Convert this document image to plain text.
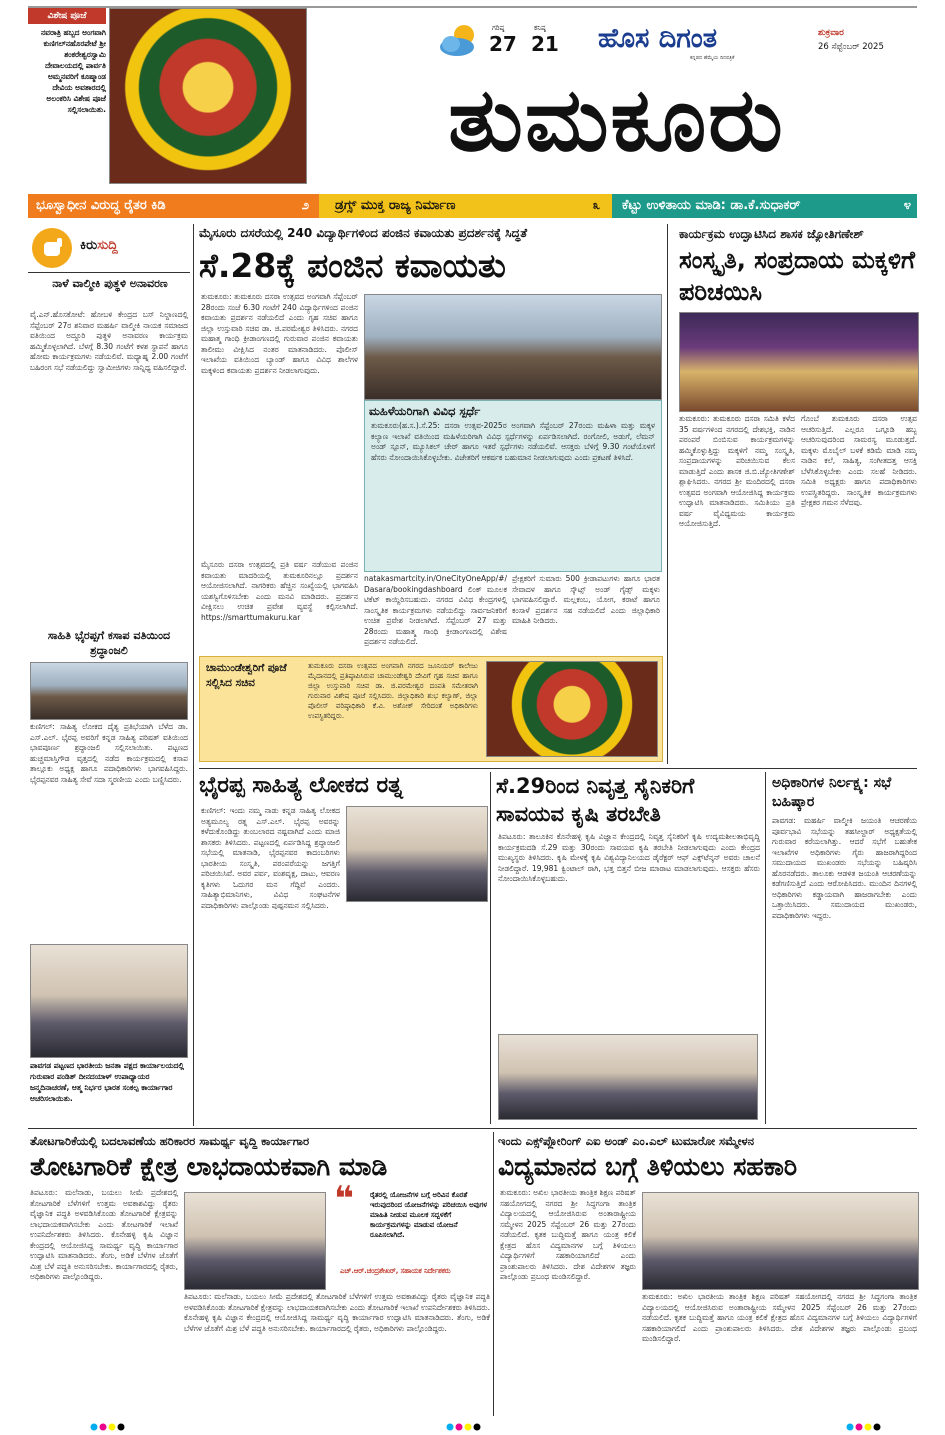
ವಿಶೇಷ ಪೂಜೆ
ನವರಾತ್ರಿ ಹಬ್ಬದ ಅಂಗವಾಗಿ ಕುಣಿಗಲ್‌ನಹೊರಪೇಟೆ ಶ್ರೀ ಶಂಕರೇಶ್ವರಸ್ವಾಮಿ ದೇವಾಲಯದಲ್ಲಿ ಪಾರ್ವತಿ ಅಮ್ಮನವರಿಗೆ ಕೂಷ್ಮಾಂಡ ದೇವಿಯ ಅವತಾರದಲ್ಲಿ ಅಲಂಕರಿಸಿ ವಿಶೇಷ ಪೂಜೆ ಸಲ್ಲಿಸಲಾಯಿತು.
ಗರಿಷ್ಠ
27
ಕನಿಷ್ಠ
21 ಹೊಸ ದಿಗಂತ
ಕನ್ನಡದ ಹೆಮ್ಮೆಯ ದಿನಪತ್ರಿಕೆ
ಶುಕ್ರವಾರ
26 ಸೆಪ್ಟೆಂಬರ್ 2025
ತುಮಕೂರು
ಭೂಸ್ವಾಧೀನ ವಿರುದ್ಧ ರೈತರ ಕಿಡಿ	೨ ಡ್ರಗ್ಸ್ ಮುಕ್ತ ರಾಜ್ಯ ನಿರ್ಮಾಣ	೩ ಕೆಟ್ಟು ಉಳಿತಾಯ ಮಾಡಿ: ಡಾ.ಕೆ.ಸುಧಾಕರ್	೪
ಕಿರುಸುದ್ದಿ
ನಾಳೆ ವಾಲ್ಮೀಕಿ ಪುತ್ಥಳಿ ಅನಾವರಣ
ವೈ.ಎನ್.ಹೊಸಕೋಟೆ: ಹೋಬಳಿ ಕೇಂದ್ರದ ಬಸ್ ನಿಲ್ದಾಣದಲ್ಲಿ ಸೆಪ್ಟೆಂಬರ್ 27ರ ಶನಿವಾರ ಮಹರ್ಷಿ ವಾಲ್ಮೀಕಿ ನಾಯಕ ಸಮಾಜದ ವತಿಯಿಂದ ಅದ್ದೂರಿ ಪುತ್ಥಳಿ ಅನಾವರಣ ಕಾರ್ಯಕ್ರಮ ಹಮ್ಮಿಕೊಳ್ಳಲಾಗಿದೆ. ಬೆಳಗ್ಗೆ 8.30 ಗಂಟೆಗೆ ಕಳಶ ಸ್ಥಾಪನೆ ಹಾಗೂ ಹೋಮ ಕಾರ್ಯಕ್ರಮಗಳು ನಡೆಯಲಿವೆ. ಮಧ್ಯಾಹ್ನ 2.00 ಗಂಟೆಗೆ ಬಹಿರಂಗ ಸಭೆ ನಡೆಯಲಿದ್ದು ಸ್ವಾಮೀಜಿಗಳು ಸಾನ್ನಿಧ್ಯ ವಹಿಸಲಿದ್ದಾರೆ.
ಸಾಹಿತಿ ಭೈರಪ್ಪಗೆ ಕಸಾಪ ವತಿಯಿಂದ ಶ್ರದ್ಧಾಂಜಲಿ
ಕುಣಿಗಲ್: ಸಾಹಿತ್ಯ ಲೋಕದ ದೈತ್ಯ ಪ್ರತಿಭೆಯಾಗಿ ಬೆಳೆದ ಡಾ. ಎಸ್.ಎಲ್. ಭೈರಪ್ಪ ಅವರಿಗೆ ಕನ್ನಡ ಸಾಹಿತ್ಯ ಪರಿಷತ್ ವತಿಯಿಂದ ಭಾವಪೂರ್ಣ ಶ್ರದ್ಧಾಂಜಲಿ ಸಲ್ಲಿಸಲಾಯಿತು. ಪಟ್ಟಣದ ಹುಚ್ಚಮಾಸ್ತಿಗೌಡ ವೃತ್ತದಲ್ಲಿ ನಡೆದ ಕಾರ್ಯಕ್ರಮದಲ್ಲಿ ಕಸಾಪ ತಾಲ್ಲೂಕು ಅಧ್ಯಕ್ಷ ಹಾಗೂ ಪದಾಧಿಕಾರಿಗಳು ಭಾಗವಹಿಸಿದ್ದರು. ಭೈರಪ್ಪನವರ ಸಾಹಿತ್ಯ ಸೇವೆ ಸದಾ ಸ್ಮರಣೀಯ ಎಂದು ಬಣ್ಣಿಸಿದರು.
ಪಾವಗಡ ಪಟ್ಟಣದ ಭಾರತೀಯ ಜನತಾ ಪಕ್ಷದ ಕಾರ್ಯಾಲಯದಲ್ಲಿ ಗುರುವಾರ ಪಂಡಿತ್ ದೀನದಯಾಳ್ ಉಪಾಧ್ಯಾಯರ ಜನ್ಮದಿನಾಚರಣೆ, ಆತ್ಮ ನಿರ್ಭರ ಭಾರತ ಸಂಕಲ್ಪ ಕಾರ್ಯಾಗಾರ ಆಚರಿಸಲಾಯಿತು.
ಮೈಸೂರು ದಸರೆಯಲ್ಲಿ 240 ವಿದ್ಯಾರ್ಥಿಗಳಿಂದ ಪಂಜಿನ ಕವಾಯತು ಪ್ರದರ್ಶನಕ್ಕೆ ಸಿದ್ಧತೆ
ಸೆ.28ಕ್ಕೆ ಪಂಜಿನ ಕವಾಯತು
ತುಮಕೂರು: ತುಮಕೂರು ದಸರಾ ಉತ್ಸವದ ಅಂಗವಾಗಿ ಸೆಪ್ಟೆಂಬರ್ 28ರಂದು ಸಂಜೆ 6.30 ಗಂಟೆಗೆ 240 ವಿದ್ಯಾರ್ಥಿಗಳಿಂದ ಪಂಜಿನ ಕವಾಯತು ಪ್ರದರ್ಶನ ನಡೆಯಲಿದೆ ಎಂದು ಗೃಹ ಸಚಿವ ಹಾಗೂ ಜಿಲ್ಲಾ ಉಸ್ತುವಾರಿ ಸಚಿವ ಡಾ. ಜಿ.ಪರಮೇಶ್ವರ ತಿಳಿಸಿದರು. ನಗರದ ಮಹಾತ್ಮ ಗಾಂಧಿ ಕ್ರೀಡಾಂಗಣದಲ್ಲಿ ಗುರುವಾರ ಪಂಜಿನ ಕವಾಯತು ತಾಲೀಮು ವೀಕ್ಷಿಸಿದ ನಂತರ ಮಾತನಾಡಿದರು. ಪೊಲೀಸ್ ಇಲಾಖೆಯ ವತಿಯಿಂದ ಬ್ಯಾಂಡ್ ಹಾಗೂ ವಿವಿಧ ಶಾಲೆಗಳ ಮಕ್ಕಳಿಂದ ಕವಾಯತು ಪ್ರದರ್ಶನ ನೀಡಲಾಗುವುದು.
ಮಹಿಳೆಯರಿಗಾಗಿ ವಿವಿಧ ಸ್ಪರ್ಧೆ
ತುಮಕೂರು(ಹ.ಸ.).ಸೆ.25: ದಸರಾ ಉತ್ಸವ-2025ರ ಅಂಗವಾಗಿ ಸೆಪ್ಟೆಂಬರ್ 27ರಂದು ಮಹಿಳಾ ಮತ್ತು ಮಕ್ಕಳ ಕಲ್ಯಾಣ ಇಲಾಖೆ ವತಿಯಿಂದ ಮಹಿಳೆಯರಿಗಾಗಿ ವಿವಿಧ ಸ್ಪರ್ಧೆಗಳನ್ನು ಏರ್ಪಡಿಸಲಾಗಿದೆ. ರಂಗೋಲಿ, ಅಡುಗೆ, ಲೆಮನ್ ಅಂಡ್ ಸ್ಪೂನ್, ಮ್ಯೂಸಿಕಲ್ ಚೇರ್ ಹಾಗೂ ಇತರೆ ಸ್ಪರ್ಧೆಗಳು ನಡೆಯಲಿವೆ. ಆಸಕ್ತರು ಬೆಳಿಗ್ಗೆ 9.30 ಗಂಟೆಯೊಳಗೆ ಹೆಸರು ನೋಂದಾಯಿಸಿಕೊಳ್ಳಬೇಕು. ವಿಜೇತರಿಗೆ ಆಕರ್ಷಕ ಬಹುಮಾನ ನೀಡಲಾಗುವುದು ಎಂದು ಪ್ರಕಟಣೆ ತಿಳಿಸಿದೆ.
ಮೈಸೂರು ದಸರಾ ಉತ್ಸವದಲ್ಲಿ ಪ್ರತಿ ವರ್ಷ ನಡೆಯುವ ಪಂಜಿನ ಕವಾಯತು ಮಾದರಿಯಲ್ಲಿ ತುಮಕೂರಿನಲ್ಲೂ ಪ್ರದರ್ಶನ ಆಯೋಜಿಸಲಾಗಿದೆ. ನಾಗರಿಕರು ಹೆಚ್ಚಿನ ಸಂಖ್ಯೆಯಲ್ಲಿ ಭಾಗವಹಿಸಿ ಯಶಸ್ವಿಗೊಳಿಸಬೇಕು ಎಂದು ಮನವಿ ಮಾಡಿದರು. ಪ್ರದರ್ಶನ ವೀಕ್ಷಿಸಲು ಉಚಿತ ಪ್ರವೇಶ ವ್ಯವಸ್ಥೆ ಕಲ್ಪಿಸಲಾಗಿದೆ. https://smarttumakuru.kar
natakasmartcity.in/OneCityOneApp/#/ Dasara/bookingdashboard ಲಿಂಕ್ ಮೂಲಕ ಟಿಕೆಟ್ ಕಾಯ್ದಿರಿಸಬಹುದು. ನಗರದ ವಿವಿಧ ಕೇಂದ್ರಗಳಲ್ಲಿ ಸಾಂಸ್ಕೃತಿಕ ಕಾರ್ಯಕ್ರಮಗಳು ನಡೆಯಲಿದ್ದು ಸಾರ್ವಜನಿಕರಿಗೆ ಉಚಿತ ಪ್ರವೇಶ ನೀಡಲಾಗಿದೆ. ಸೆಪ್ಟೆಂಬರ್ 27 ಮತ್ತು 28ರಂದು ಮಹಾತ್ಮ ಗಾಂಧಿ ಕ್ರೀಡಾಂಗಣದಲ್ಲಿ ವಿಶೇಷ ಪ್ರದರ್ಶನ ನಡೆಯಲಿದೆ.
ಪ್ರೇಕ್ಷಕರಿಗೆ ಸುಮಾರು 500 ಕ್ರೀಡಾಪಟುಗಳು ಹಾಗೂ ಭಾರತ ಸೇವಾದಳ ಹಾಗೂ ಸ್ಕೌಟ್ಸ್ ಅಂಡ್ ಗೈಡ್ಸ್ ಮಕ್ಕಳು ಭಾಗವಹಿಸಲಿದ್ದಾರೆ. ಮಲ್ಲಕಂಬ, ಯೋಗ, ಕರಾಟೆ ಹಾಗೂ ಕಂಸಾಳೆ ಪ್ರದರ್ಶನ ಸಹ ನಡೆಯಲಿದೆ ಎಂದು ಜಿಲ್ಲಾಧಿಕಾರಿ ಮಾಹಿತಿ ನೀಡಿದರು.
ಚಾಮುಂಡೇಶ್ವರಿಗೆ ಪೂಜೆ ಸಲ್ಲಿಸಿದ ಸಚಿವ
ತುಮಕೂರು ದಸರಾ ಉತ್ಸವದ ಅಂಗವಾಗಿ ನಗರದ ಜೂನಿಯರ್ ಕಾಲೇಜು ಮೈದಾನದಲ್ಲಿ ಪ್ರತಿಷ್ಠಾಪಿಸಿರುವ ಚಾಮುಂಡೇಶ್ವರಿ ದೇವಿಗೆ ಗೃಹ ಸಚಿವ ಹಾಗೂ ಜಿಲ್ಲಾ ಉಸ್ತುವಾರಿ ಸಚಿವ ಡಾ. ಜಿ.ಪರಮೇಶ್ವರ ದಂಪತಿ ಸಮೇತರಾಗಿ ಗುರುವಾರ ವಿಶೇಷ ಪೂಜೆ ಸಲ್ಲಿಸಿದರು. ಜಿಲ್ಲಾಧಿಕಾರಿ ಶುಭ ಕಲ್ಯಾಣ್, ಜಿಲ್ಲಾ ಪೊಲೀಸ್ ವರಿಷ್ಠಾಧಿಕಾರಿ ಕೆ.ವಿ. ಅಶೋಕ್ ಸೇರಿದಂತೆ ಅಧಿಕಾರಿಗಳು ಉಪಸ್ಥಿತರಿದ್ದರು.
ಕಾರ್ಯಕ್ರಮ ಉದ್ಘಾಟಿಸಿದ ಶಾಸಕ ಜ್ಯೋತಿಗಣೇಶ್
ಸಂಸ್ಕೃತಿ, ಸಂಪ್ರದಾಯ ಮಕ್ಕಳಿಗೆ ಪರಿಚಯಿಸಿ
ತುಮಕೂರು: ತುಮಕೂರು ದಸರಾ ಸಮಿತಿ ಕಳೆದ 35 ವರ್ಷಗಳಿಂದ ನಗರದಲ್ಲಿ ದೇಶಭಕ್ತಿ, ನಾಡಿನ ಪರಂಪರೆ ಬಿಂಬಿಸುವ ಕಾರ್ಯಕ್ರಮಗಳನ್ನು ಹಮ್ಮಿಕೊಳ್ಳುತ್ತಿದ್ದು ಮಕ್ಕಳಿಗೆ ನಮ್ಮ ಸಂಸ್ಕೃತಿ, ಸಂಪ್ರದಾಯಗಳನ್ನು ಪರಿಚಯಿಸುವ ಕೆಲಸ ಮಾಡುತ್ತಿದೆ ಎಂದು ಶಾಸಕ ಜಿ.ಬಿ.ಜ್ಯೋತಿಗಣೇಶ್ ಶ್ಲಾಘಿಸಿದರು. ನಗರದ ಶ್ರೀ ಮಂದಿರದಲ್ಲಿ ದಸರಾ ಉತ್ಸವದ ಅಂಗವಾಗಿ ಆಯೋಜಿಸಿದ್ದ ಕಾರ್ಯಕ್ರಮ ಉದ್ಘಾಟಿಸಿ ಮಾತನಾಡಿದರು. ಸಮಿತಿಯು ಪ್ರತಿ ವರ್ಷ ವೈವಿಧ್ಯಮಯ ಕಾರ್ಯಕ್ರಮ ಆಯೋಜಿಸುತ್ತಿದೆ.
ಗೊಂಬೆ ತುಮಕೂರು ದಸರಾ ಉತ್ಸವ ಆಚರಿಸುತ್ತಿದೆ. ಎಲ್ಲರೂ ಒಗ್ಗೂಡಿ ಹಬ್ಬ ಆಚರಿಸುವುದರಿಂದ ಸಾಮರಸ್ಯ ಮೂಡುತ್ತದೆ. ಮಕ್ಕಳು ಮೊಬೈಲ್ ಬಳಕೆ ಕಡಿಮೆ ಮಾಡಿ ನಮ್ಮ ನಾಡಿನ ಕಲೆ, ಸಾಹಿತ್ಯ, ಸಂಗೀತದತ್ತ ಆಸಕ್ತಿ ಬೆಳೆಸಿಕೊಳ್ಳಬೇಕು ಎಂದು ಸಲಹೆ ನೀಡಿದರು. ಸಮಿತಿ ಅಧ್ಯಕ್ಷರು ಹಾಗೂ ಪದಾಧಿಕಾರಿಗಳು ಉಪಸ್ಥಿತರಿದ್ದರು. ಸಾಂಸ್ಕೃತಿಕ ಕಾರ್ಯಕ್ರಮಗಳು ಪ್ರೇಕ್ಷಕರ ಗಮನ ಸೆಳೆದವು.
ಭೈರಪ್ಪ ಸಾಹಿತ್ಯ ಲೋಕದ ರತ್ನ
ಕುಣಿಗಲ್: ಇಂದು ನಮ್ಮ ನಾಡು ಕನ್ನಡ ಸಾಹಿತ್ಯ ಲೋಕದ ಅತ್ಯಮೂಲ್ಯ ರತ್ನ ಎಸ್.ಎಲ್. ಭೈರಪ್ಪ ಅವರನ್ನು ಕಳೆದುಕೊಂಡಿದ್ದು ತುಂಬಲಾರದ ನಷ್ಟವಾಗಿದೆ ಎಂದು ಮಾಜಿ ಶಾಸಕರು ತಿಳಿಸಿದರು. ಪಟ್ಟಣದಲ್ಲಿ ಏರ್ಪಡಿಸಿದ್ದ ಶ್ರದ್ಧಾಂಜಲಿ ಸಭೆಯಲ್ಲಿ ಮಾತನಾಡಿ, ಭೈರಪ್ಪನವರ ಕಾದಂಬರಿಗಳು ಭಾರತೀಯ ಸಂಸ್ಕೃತಿ, ಪರಂಪರೆಯನ್ನು ಜಗತ್ತಿಗೆ ಪರಿಚಯಿಸಿವೆ. ಅವರ ಪರ್ವ, ವಂಶವೃಕ್ಷ, ದಾಟು, ಆವರಣ ಕೃತಿಗಳು ಓದುಗರ ಮನ ಗೆದ್ದಿವೆ ಎಂದರು. ಸಾಹಿತ್ಯಾಭಿಮಾನಿಗಳು, ವಿವಿಧ ಸಂಘಟನೆಗಳ ಪದಾಧಿಕಾರಿಗಳು ಪಾಲ್ಗೊಂಡು ಪುಷ್ಪನಮನ ಸಲ್ಲಿಸಿದರು.
ಸೆ.29ರಿಂದ ನಿವೃತ್ತ ಸೈನಿಕರಿಗೆ ಸಾವಯವ ಕೃಷಿ ತರಬೇತಿ
ತಿಪಟೂರು: ತಾಲೂಕಿನ ಕೊನೇಹಳ್ಳಿ ಕೃಷಿ ವಿಜ್ಞಾನ ಕೇಂದ್ರದಲ್ಲಿ ನಿವೃತ್ತ ಸೈನಿಕರಿಗೆ ಕೃಷಿ ಉದ್ಯಮಶೀಲತಾಭಿವೃದ್ಧಿ ಕಾರ್ಯಕ್ರಮದಡಿ ಸೆ.29 ಮತ್ತು 30ರಂದು ಸಾವಯವ ಕೃಷಿ ತರಬೇತಿ ನೀಡಲಾಗುವುದು ಎಂದು ಕೇಂದ್ರದ ಮುಖ್ಯಸ್ಥರು ತಿಳಿಸಿದರು. ಕೃಷಿ ಮೇಳಕ್ಕೆ ಕೃಷಿ ವಿಶ್ವವಿದ್ಯಾನಿಲಯದ ಡೈರೆಕ್ಟರ್ ಆಫ್ ಎಕ್ಸ್‌ಟೆನ್ಶನ್ ಅವರು ಚಾಲನೆ ನೀಡಲಿದ್ದಾರೆ. 19,981 ಕ್ವಿಂಟಾಲ್ ರಾಗಿ, ಭತ್ತ ಬಿತ್ತನೆ ಬೀಜ ಮಾರಾಟ ಮಾಡಲಾಗುವುದು. ಆಸಕ್ತರು ಹೆಸರು ನೋಂದಾಯಿಸಿಕೊಳ್ಳಬಹುದು.
ಅಧಿಕಾರಿಗಳ ನಿರ್ಲಕ್ಷ್ಯ: ಸಭೆ ಬಹಿಷ್ಕಾರ
ಪಾವಗಡ: ಮಹರ್ಷಿ ವಾಲ್ಮೀಕಿ ಜಯಂತಿ ಆಚರಣೆಯ ಪೂರ್ವಭಾವಿ ಸಭೆಯನ್ನು ತಹಸೀಲ್ದಾರ್ ಅಧ್ಯಕ್ಷತೆಯಲ್ಲಿ ಗುರುವಾರ ಕರೆಯಲಾಗಿತ್ತು. ಆದರೆ ಸಭೆಗೆ ಬಹುತೇಕ ಇಲಾಖೆಗಳ ಅಧಿಕಾರಿಗಳು ಗೈರು ಹಾಜರಾಗಿದ್ದರಿಂದ ಸಮುದಾಯದ ಮುಖಂಡರು ಸಭೆಯನ್ನು ಬಹಿಷ್ಕರಿಸಿ ಹೊರನಡೆದರು. ತಾಲೂಕು ಆಡಳಿತ ಜಯಂತಿ ಆಚರಣೆಯನ್ನು ಕಡೆಗಣಿಸುತ್ತಿದೆ ಎಂದು ಆರೋಪಿಸಿದರು. ಮುಂದಿನ ದಿನಗಳಲ್ಲಿ ಅಧಿಕಾರಿಗಳು ಕಡ್ಡಾಯವಾಗಿ ಹಾಜರಾಗಬೇಕು ಎಂದು ಒತ್ತಾಯಿಸಿದರು. ಸಮುದಾಯದ ಮುಖಂಡರು, ಪದಾಧಿಕಾರಿಗಳು ಇದ್ದರು.
ತೋಟಗಾರಿಕೆಯಲ್ಲಿ ಬದಲಾವಣೆಯ ಹರಿಕಾರರ ಸಾಮರ್ಥ್ಯ ವೃದ್ಧಿ ಕಾರ್ಯಾಗಾರ
ತೋಟಗಾರಿಕೆ ಕ್ಷೇತ್ರ ಲಾಭದಾಯಕವಾಗಿ ಮಾಡಿ
ತಿಪಟೂರು: ಮಲೆನಾಡು, ಬಯಲು ಸೀಮೆ ಪ್ರದೇಶದಲ್ಲಿ ತೋಟಗಾರಿಕೆ ಬೆಳೆಗಳಿಗೆ ಉತ್ತಮ ಅವಕಾಶವಿದ್ದು ರೈತರು ವೈಜ್ಞಾನಿಕ ಪದ್ಧತಿ ಅಳವಡಿಸಿಕೊಂಡು ತೋಟಗಾರಿಕೆ ಕ್ಷೇತ್ರವನ್ನು ಲಾಭದಾಯಕವಾಗಿಸಬೇಕು ಎಂದು ತೋಟಗಾರಿಕೆ ಇಲಾಖೆ ಉಪನಿರ್ದೇಶಕರು ತಿಳಿಸಿದರು. ಕೊನೇಹಳ್ಳಿ ಕೃಷಿ ವಿಜ್ಞಾನ ಕೇಂದ್ರದಲ್ಲಿ ಆಯೋಜಿಸಿದ್ದ ಸಾಮರ್ಥ್ಯ ವೃದ್ಧಿ ಕಾರ್ಯಾಗಾರ ಉದ್ಘಾಟಿಸಿ ಮಾತನಾಡಿದರು. ತೆಂಗು, ಅಡಿಕೆ ಬೆಳೆಗಳ ಜೊತೆಗೆ ಮಿಶ್ರ ಬೆಳೆ ಪದ್ಧತಿ ಅನುಸರಿಸಬೇಕು. ಕಾರ್ಯಾಗಾರದಲ್ಲಿ ರೈತರು, ಅಧಿಕಾರಿಗಳು ಪಾಲ್ಗೊಂಡಿದ್ದರು.
❝ ರೈತರಲ್ಲಿ ಯೋಜನೆಗಳ ಬಗ್ಗೆ ಅರಿವಿನ ಕೊರತೆ ಇರುವುದರಿಂದ ಯೋಜನೆಗಳನ್ನು ಪರಿಚಯಿಸಿ ಅವುಗಳ ಮಾಹಿತಿ ನೀಡುವ ಮೂಲಕ ಸದ್ಬಳಕೆಗೆ ಕಾರ್ಯಕ್ರಮಗಳನ್ನು ಮಾಡುವ ಯೋಜನೆ ರೂಪಿಸಲಾಗಿದೆ.
ಎಚ್.ಆರ್.ಚಂದ್ರಶೇಖರ್, ಸಹಾಯಕ ನಿರ್ದೇಶಕರು
ತಿಪಟೂರು: ಮಲೆನಾಡು, ಬಯಲು ಸೀಮೆ ಪ್ರದೇಶದಲ್ಲಿ ತೋಟಗಾರಿಕೆ ಬೆಳೆಗಳಿಗೆ ಉತ್ತಮ ಅವಕಾಶವಿದ್ದು ರೈತರು ವೈಜ್ಞಾನಿಕ ಪದ್ಧತಿ ಅಳವಡಿಸಿಕೊಂಡು ತೋಟಗಾರಿಕೆ ಕ್ಷೇತ್ರವನ್ನು ಲಾಭದಾಯಕವಾಗಿಸಬೇಕು ಎಂದು ತೋಟಗಾರಿಕೆ ಇಲಾಖೆ ಉಪನಿರ್ದೇಶಕರು ತಿಳಿಸಿದರು. ಕೊನೇಹಳ್ಳಿ ಕೃಷಿ ವಿಜ್ಞಾನ ಕೇಂದ್ರದಲ್ಲಿ ಆಯೋಜಿಸಿದ್ದ ಸಾಮರ್ಥ್ಯ ವೃದ್ಧಿ ಕಾರ್ಯಾಗಾರ ಉದ್ಘಾಟಿಸಿ ಮಾತನಾಡಿದರು. ತೆಂಗು, ಅಡಿಕೆ ಬೆಳೆಗಳ ಜೊತೆಗೆ ಮಿಶ್ರ ಬೆಳೆ ಪದ್ಧತಿ ಅನುಸರಿಸಬೇಕು. ಕಾರ್ಯಾಗಾರದಲ್ಲಿ ರೈತರು, ಅಧಿಕಾರಿಗಳು ಪಾಲ್ಗೊಂಡಿದ್ದರು.
ಇಂದು ಎಕ್ಸ್‌ಪ್ಲೋರಿಂಗ್ ಎಐ ಅಂಡ್ ಎಂ.ಎಲ್ ಟುಮಾರೋ ಸಮ್ಮೇಳನ
ವಿದ್ಯಮಾನದ ಬಗ್ಗೆ ತಿಳಿಯಲು ಸಹಕಾರಿ
ತುಮಕೂರು: ಅಖಿಲ ಭಾರತೀಯ ತಾಂತ್ರಿಕ ಶಿಕ್ಷಣ ಪರಿಷತ್ ಸಹಯೋಗದಲ್ಲಿ ನಗರದ ಶ್ರೀ ಸಿದ್ಧಗಂಗಾ ತಾಂತ್ರಿಕ ವಿದ್ಯಾಲಯದಲ್ಲಿ ಆಯೋಜಿಸಿರುವ ಅಂತಾರಾಷ್ಟ್ರೀಯ ಸಮ್ಮೇಳನ 2025 ಸೆಪ್ಟೆಂಬರ್ 26 ಮತ್ತು 27ರಂದು ನಡೆಯಲಿದೆ. ಕೃತಕ ಬುದ್ಧಿಮತ್ತೆ ಹಾಗೂ ಯಂತ್ರ ಕಲಿಕೆ ಕ್ಷೇತ್ರದ ಹೊಸ ವಿದ್ಯಮಾನಗಳ ಬಗ್ಗೆ ತಿಳಿಯಲು ವಿದ್ಯಾರ್ಥಿಗಳಿಗೆ ಸಹಕಾರಿಯಾಗಲಿದೆ ಎಂದು ಪ್ರಾಂಶುಪಾಲರು ತಿಳಿಸಿದರು. ದೇಶ ವಿದೇಶಗಳ ತಜ್ಞರು ಪಾಲ್ಗೊಂಡು ಪ್ರಬಂಧ ಮಂಡಿಸಲಿದ್ದಾರೆ.
ತುಮಕೂರು: ಅಖಿಲ ಭಾರತೀಯ ತಾಂತ್ರಿಕ ಶಿಕ್ಷಣ ಪರಿಷತ್ ಸಹಯೋಗದಲ್ಲಿ ನಗರದ ಶ್ರೀ ಸಿದ್ಧಗಂಗಾ ತಾಂತ್ರಿಕ ವಿದ್ಯಾಲಯದಲ್ಲಿ ಆಯೋಜಿಸಿರುವ ಅಂತಾರಾಷ್ಟ್ರೀಯ ಸಮ್ಮೇಳನ 2025 ಸೆಪ್ಟೆಂಬರ್ 26 ಮತ್ತು 27ರಂದು ನಡೆಯಲಿದೆ. ಕೃತಕ ಬುದ್ಧಿಮತ್ತೆ ಹಾಗೂ ಯಂತ್ರ ಕಲಿಕೆ ಕ್ಷೇತ್ರದ ಹೊಸ ವಿದ್ಯಮಾನಗಳ ಬಗ್ಗೆ ತಿಳಿಯಲು ವಿದ್ಯಾರ್ಥಿಗಳಿಗೆ ಸಹಕಾರಿಯಾಗಲಿದೆ ಎಂದು ಪ್ರಾಂಶುಪಾಲರು ತಿಳಿಸಿದರು. ದೇಶ ವಿದೇಶಗಳ ತಜ್ಞರು ಪಾಲ್ಗೊಂಡು ಪ್ರಬಂಧ ಮಂಡಿಸಲಿದ್ದಾರೆ.
